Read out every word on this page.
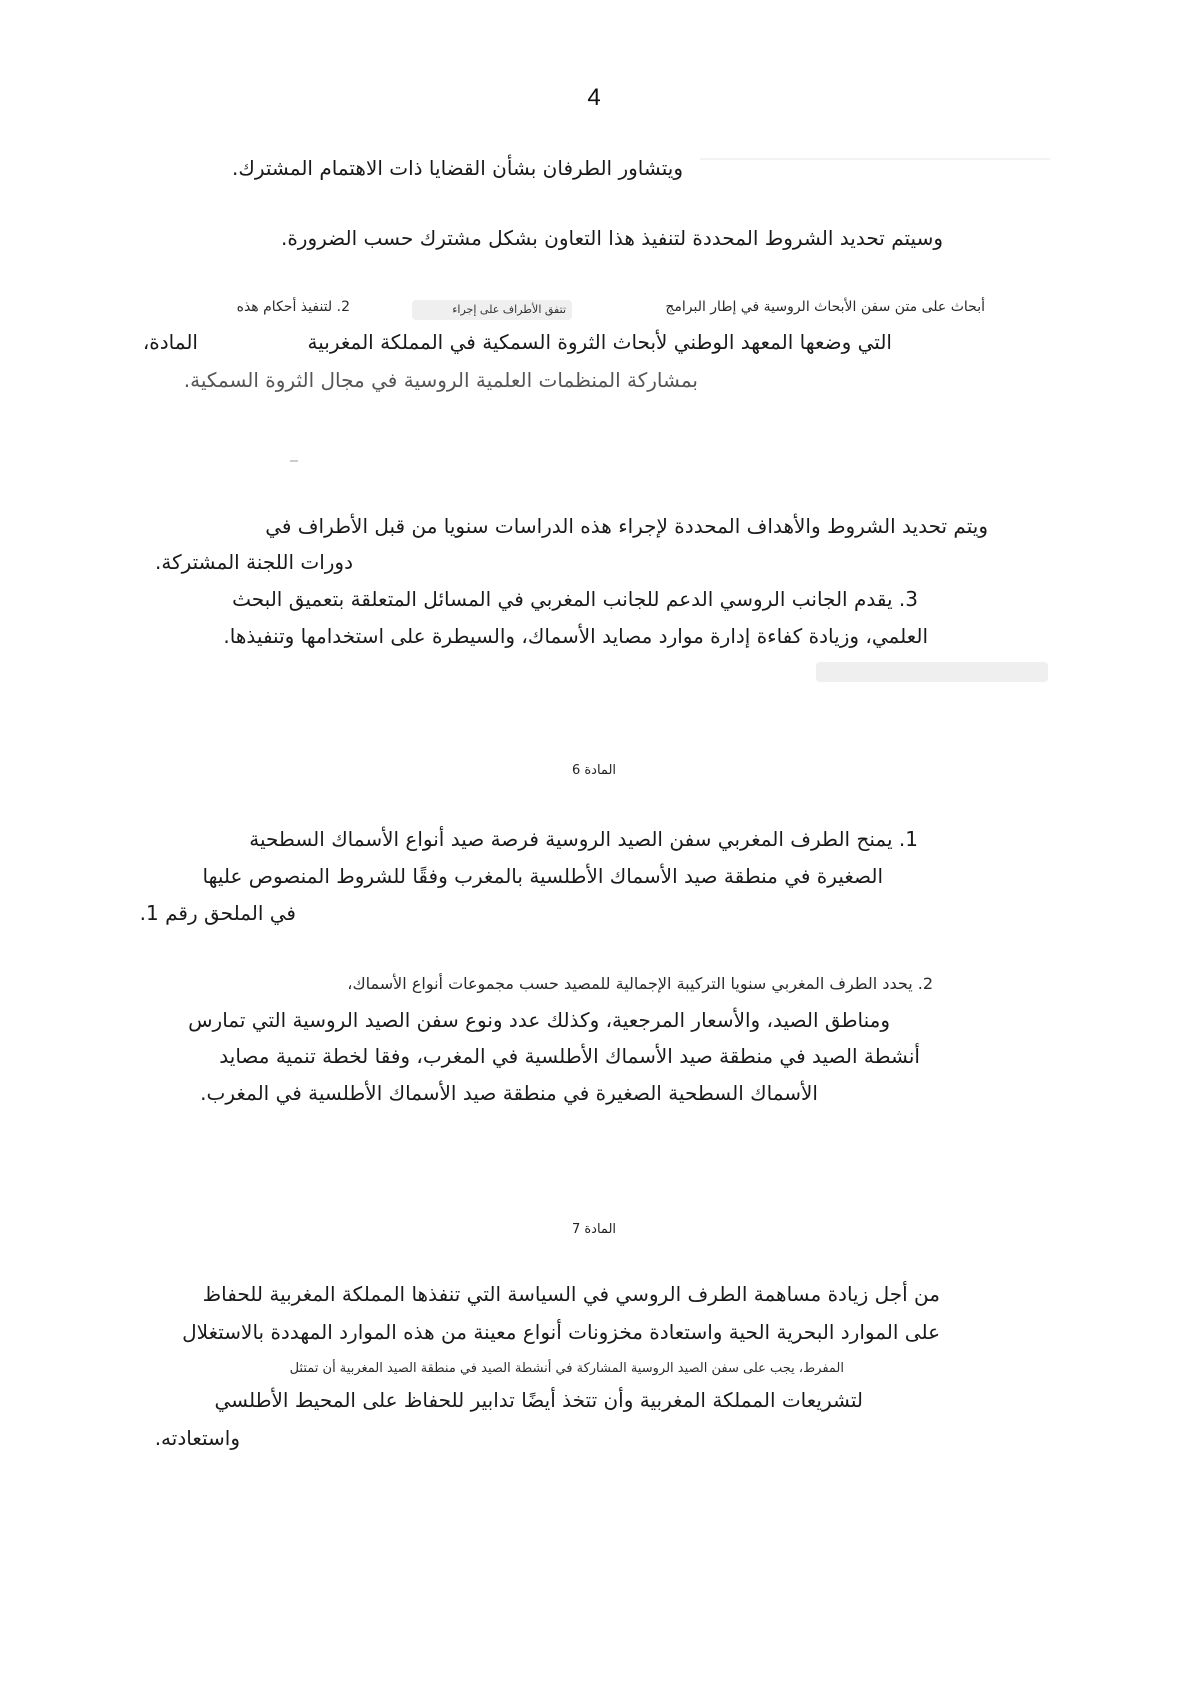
4
ويتشاور الطرفان بشأن القضايا ذات الاهتمام المشترك.
وسيتم تحديد الشروط المحددة لتنفيذ هذا التعاون بشكل مشترك حسب الضرورة.
أبحاث على متن سفن الأبحاث الروسية في إطار البرامج
تتفق الأطراف على إجراء
2. لتنفيذ أحكام هذه
التي وضعها المعهد الوطني لأبحاث الثروة السمكية في المملكة المغربية
المادة،
بمشاركة المنظمات العلمية الروسية في مجال الثروة السمكية.
ويتم تحديد الشروط والأهداف المحددة لإجراء هذه الدراسات سنويا من قبل الأطراف في
دورات اللجنة المشتركة.
3. يقدم الجانب الروسي الدعم للجانب المغربي في المسائل المتعلقة بتعميق البحث
العلمي، وزيادة كفاءة إدارة موارد مصايد الأسماك، والسيطرة على استخدامها وتنفيذها.
المادة 6
1. يمنح الطرف المغربي سفن الصيد الروسية فرصة صيد أنواع الأسماك السطحية
الصغيرة في منطقة صيد الأسماك الأطلسية بالمغرب وفقًا للشروط المنصوص عليها
في الملحق رقم 1.
2. يحدد الطرف المغربي سنويا التركيبة الإجمالية للمصيد حسب مجموعات أنواع الأسماك،
ومناطق الصيد، والأسعار المرجعية، وكذلك عدد ونوع سفن الصيد الروسية التي تمارس
أنشطة الصيد في منطقة صيد الأسماك الأطلسية في المغرب، وفقا لخطة تنمية مصايد
الأسماك السطحية الصغيرة في منطقة صيد الأسماك الأطلسية في المغرب.
المادة 7
من أجل زيادة مساهمة الطرف الروسي في السياسة التي تنفذها المملكة المغربية للحفاظ
على الموارد البحرية الحية واستعادة مخزونات أنواع معينة من هذه الموارد المهددة بالاستغلال
المفرط، يجب على سفن الصيد الروسية المشاركة في أنشطة الصيد في منطقة الصيد المغربية أن تمتثل
لتشريعات المملكة المغربية وأن تتخذ أيضًا تدابير للحفاظ على المحيط الأطلسي
واستعادته.
